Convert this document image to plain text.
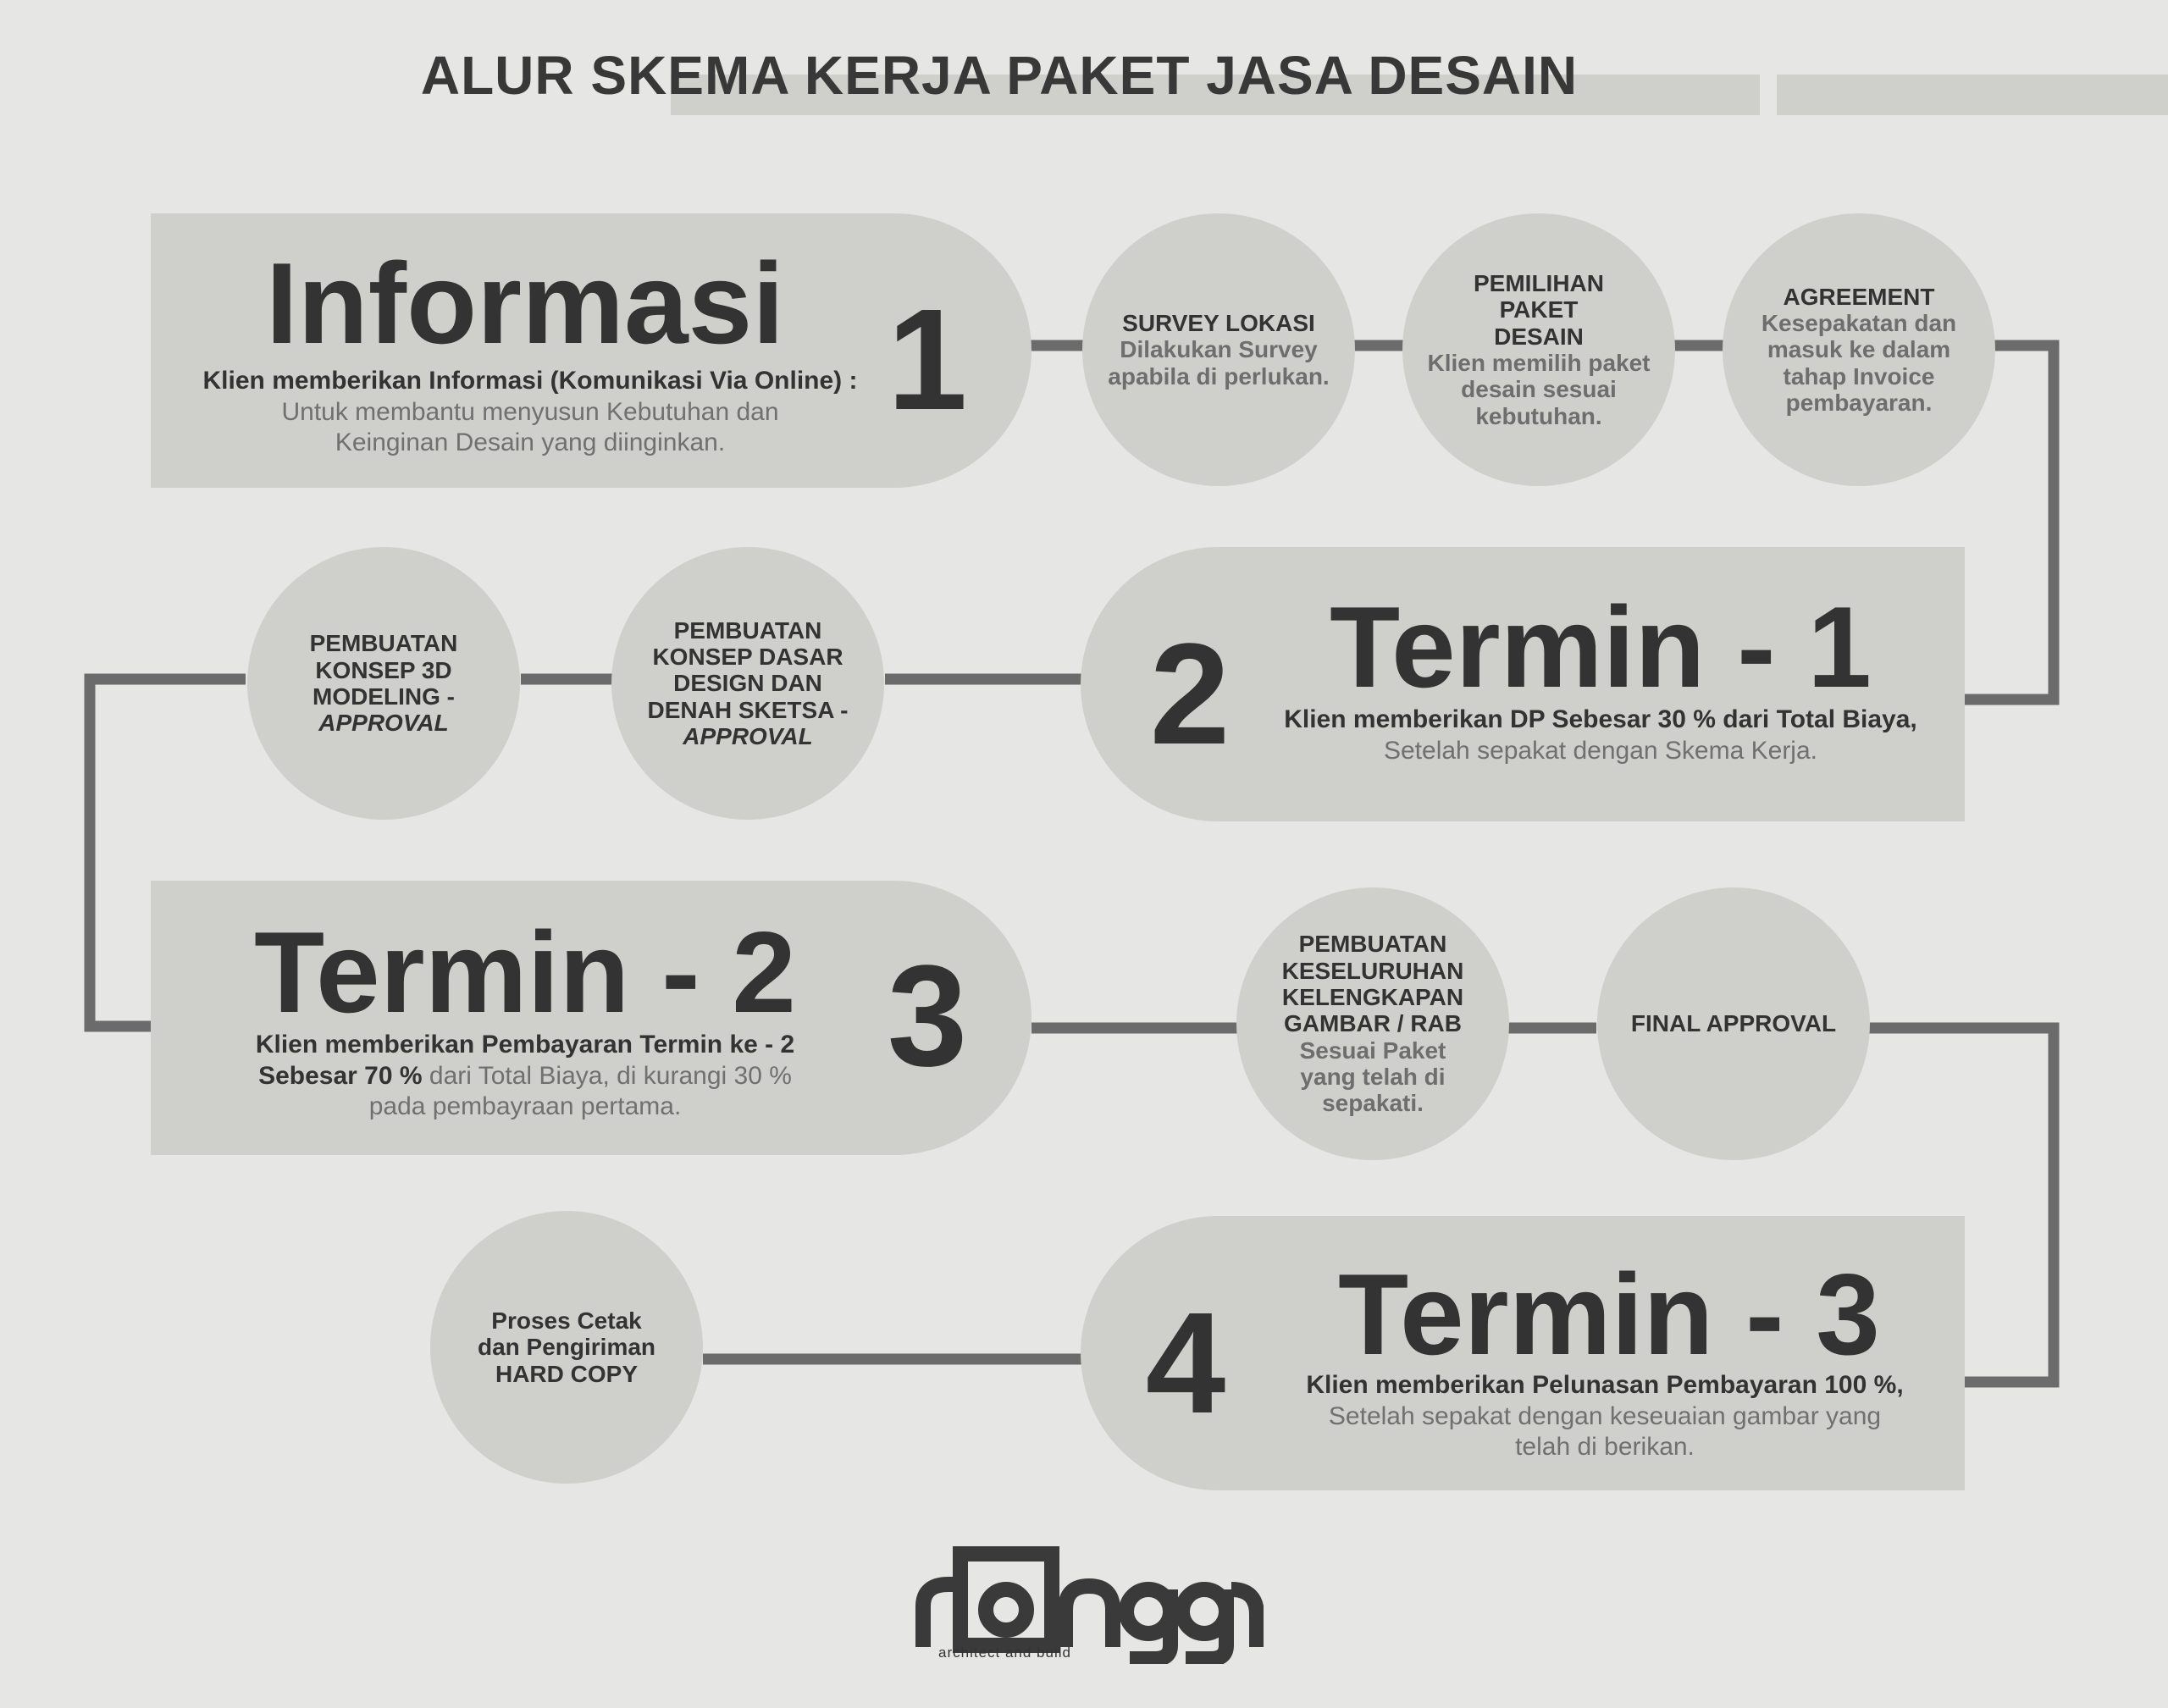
ALUR SKEMA KERJA PAKET JASA DESAIN
Informasi 1
Klien memberikan Informasi (Komunikasi Via Online) :
Untuk membantu menyusun Kebutuhan dan Keinginan Desain yang diinginkan.
SURVEY LOKASI
Dilakukan Survey apabila di perlukan.
PEMILIHAN PAKET DESAIN
Klien memilih paket desain sesuai kebutuhan.
AGREEMENT
Kesepakatan dan masuk ke dalam tahap Invoice pembayaran.
2 Termin - 1
Klien memberikan DP Sebesar 30 % dari Total Biaya,
Setelah sepakat dengan Skema Kerja.
PEMBUATAN KONSEP DASAR DESIGN DAN DENAH SKETSA -
APPROVAL
PEMBUATAN KONSEP 3D MODELING -
APPROVAL
Termin - 2 3
Klien memberikan Pembayaran Termin ke - 2
Sebesar 70 % dari Total Biaya, di kurangi 30 %
pada pembayraan pertama.
PEMBUATAN KESELURUHAN KELENGKAPAN GAMBAR / RAB
Sesuai Paket yang telah di sepakati.
FINAL APPROVAL
4 Termin - 3
Klien memberikan Pelunasan Pembayaran 100 %,
Setelah sepakat dengan keseuaian gambar yang telah di berikan.
Proses Cetak dan Pengiriman HARD COPY
architect and build
